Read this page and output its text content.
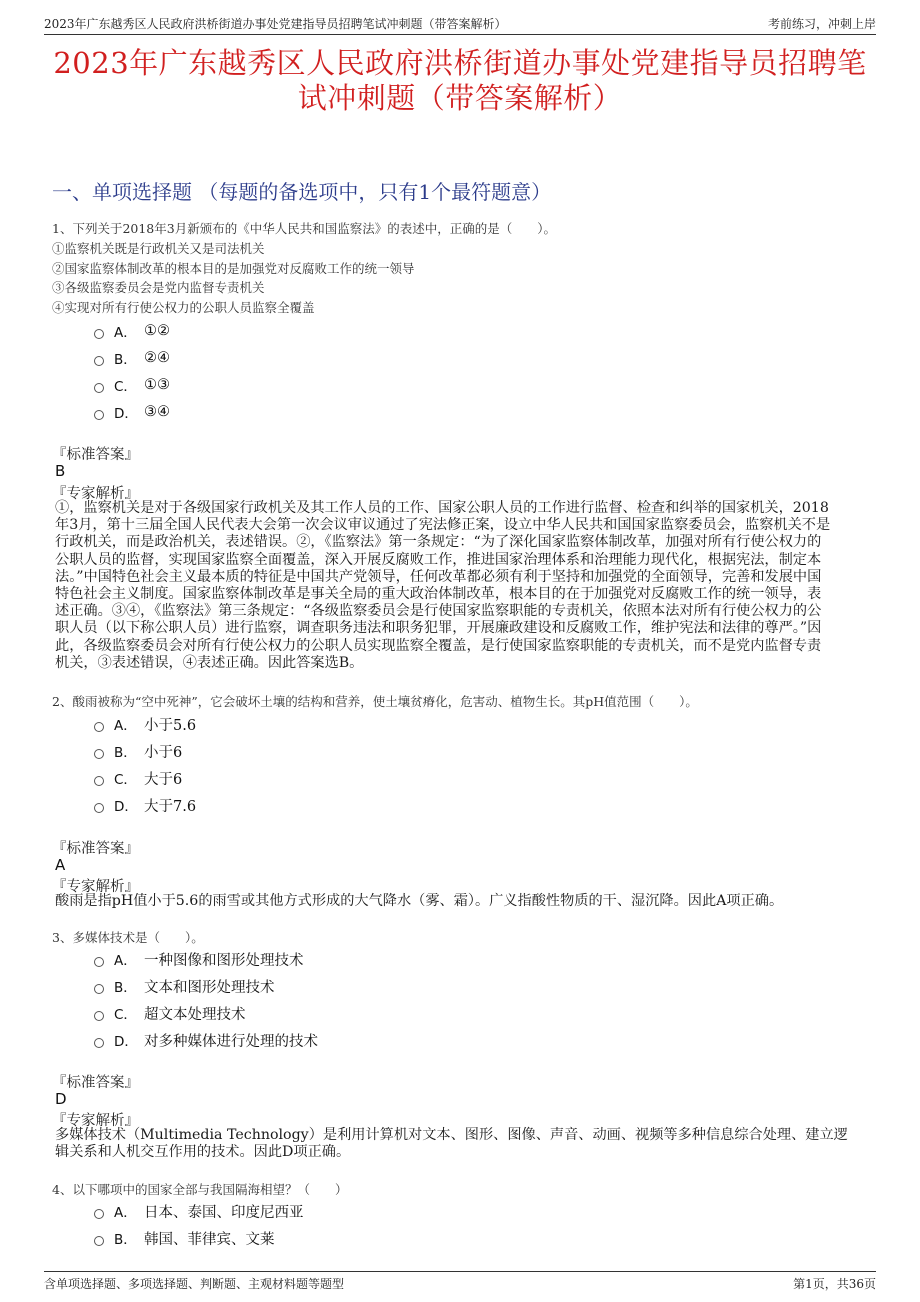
2023年广东越秀区人民政府洪桥街道办事处党建指导员招聘笔试冲刺题（带答案解析）	考前练习，冲刺上岸
2023年广东越秀区人民政府洪桥街道办事处党建指导员招聘笔
试冲刺题（带答案解析）
一、单项选择题 （每题的备选项中，只有1个最符题意）
1、下列关于2018年3月新颁布的《中华人民共和国监察法》的表述中，正确的是（　　）。
①监察机关既是行政机关又是司法机关
②国家监察体制改革的根本目的是加强党对反腐败工作的统一领导
③各级监察委员会是党内监督专责机关
④实现对所有行使公权力的公职人员监察全覆盖
A． ①②
B． ②④
C． ①③
D． ③④
『标准答案』
B
『专家解析』

①，监察机关是对于各级国家行政机关及其工作人员的工作、国家公职人员的工作进行监督、检查和纠举的国家机关，2018

年3月，第十三届全国人民代表大会第一次会议审议通过了宪法修正案，设立中华人民共和国国家监察委员会，监察机关不是

行政机关，而是政治机关，表述错误。②，《监察法》第一条规定：“为了深化国家监察体制改革，加强对所有行使公权力的

公职人员的监督，实现国家监察全面覆盖，深入开展反腐败工作，推进国家治理体系和治理能力现代化，根据宪法，制定本

法。”中国特色社会主义最本质的特征是中国共产党领导，任何改革都必须有利于坚持和加强党的全面领导，完善和发展中国

特色社会主义制度。国家监察体制改革是事关全局的重大政治体制改革，根本目的在于加强党对反腐败工作的统一领导，表

述正确。③④，《监察法》第三条规定：“各级监察委员会是行使国家监察职能的专责机关，依照本法对所有行使公权力的公

职人员（以下称公职人员）进行监察，调查职务违法和职务犯罪，开展廉政建设和反腐败工作，维护宪法和法律的尊严。”因

此，各级监察委员会对所有行使公权力的公职人员实现监察全覆盖，是行使国家监察职能的专责机关，而不是党内监督专责

机关，③表述错误，④表述正确。因此答案选B。

2、酸雨被称为“空中死神”，它会破坏土壤的结构和营养，使土壤贫瘠化，危害动、植物生长。其pH值范围（　　）。
A． 小于5.6
B． 小于6
C． 大于6
D． 大于7.6
『标准答案』
A
『专家解析』

酸雨是指pH值小于5.6的雨雪或其他方式形成的大气降水（雾、霜）。广义指酸性物质的干、湿沉降。因此A项正确。

3、多媒体技术是（　　）。
A． 一种图像和图形处理技术
B． 文本和图形处理技术
C． 超文本处理技术
D． 对多种媒体进行处理的技术
『标准答案』
D
『专家解析』

多媒体技术（Multimedia Technology）是利用计算机对文本、图形、图像、声音、动画、视频等多种信息综合处理、建立逻

辑关系和人机交互作用的技术。因此D项正确。

4、以下哪项中的国家全部与我国隔海相望？（　　）
A． 日本、泰国、印度尼西亚
B． 韩国、菲律宾、文莱
含单项选择题、多项选择题、判断题、主观材料题等题型	第1页，共36页
